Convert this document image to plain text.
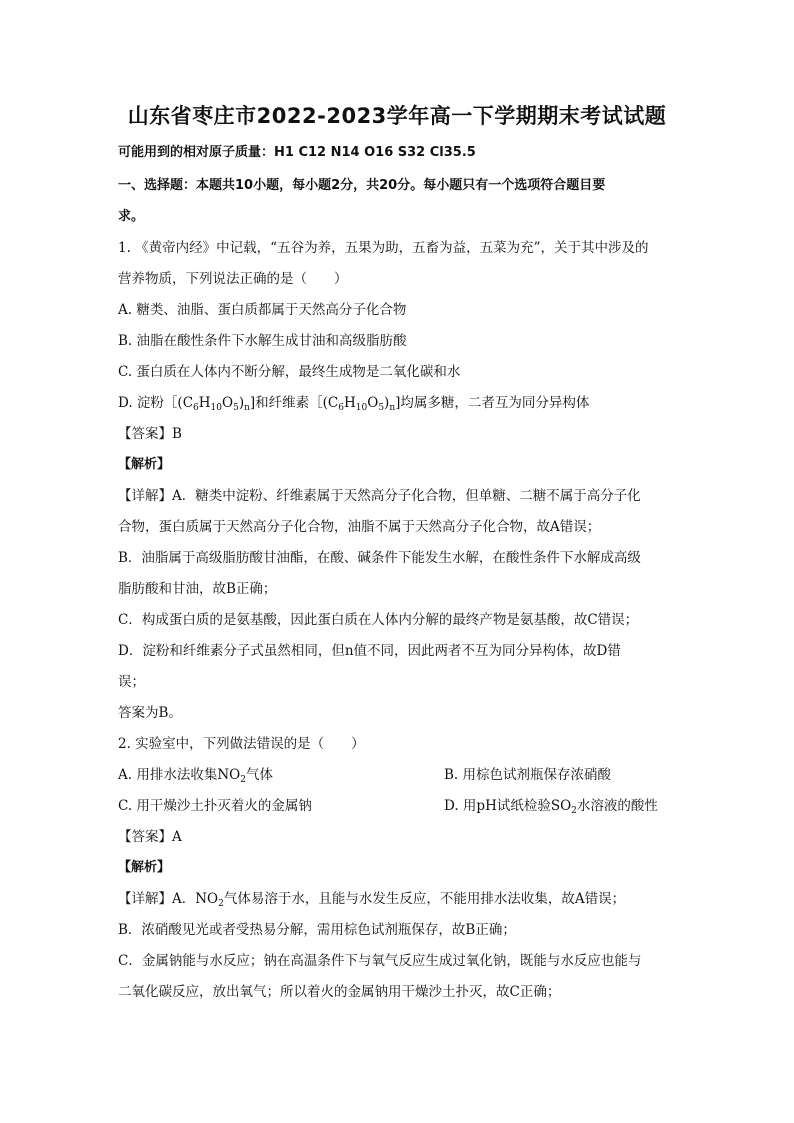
山东省枣庄市2022-2023学年高一下学期期末考试试题
可能用到的相对原子质量：H1 C12 N14 O16 S32 Cl35.5
一、选择题：本题共10小题，每小题2分，共20分。每小题只有一个选项符合题目要
求。
1. 《黄帝内经》中记载，“五谷为养，五果为助，五畜为益，五菜为充”，关于其中涉及的
营养物质，下列说法正确的是（　　）
A. 糖类、油脂、蛋白质都属于天然高分子化合物
B. 油脂在酸性条件下水解生成甘油和高级脂肪酸
C. 蛋白质在人体内不断分解，最终生成物是二氧化碳和水
D. 淀粉$[(C_6H_{10}O_5)_n$]和纤维素$[(C_6H_{10}O_5)_n$]均属多糖，二者互为同分异构体
【答案】B
【解析】
【详解】A．糖类中淀粉、纤维素属于天然高分子化合物，但单糖、二糖不属于高分子化
合物，蛋白质属于天然高分子化合物，油脂不属于天然高分子化合物，故A错误；
B．油脂属于高级脂肪酸甘油酯，在酸、碱条件下能发生水解，在酸性条件下水解成高级
脂肪酸和甘油，故B正确；
C．构成蛋白质的是氨基酸，因此蛋白质在人体内分解的最终产物是氨基酸，故C错误；
D．淀粉和纤维素分子式虽然相同，但n值不同，因此两者不互为同分异构体，故D错
误；
答案为B。
2. 实验室中，下列做法错误的是（　　）
A. 用排水法收集$NO_2$气体	B. 用棕色试剂瓶保存浓硝酸
C. 用干燥沙土扑灭着火的金属钠	D. 用pH试纸检验$SO_2$水溶液的酸性
【答案】A
【解析】
【详解】A．$NO_2$气体易溶于水，且能与水发生反应，不能用排水法收集，故A错误；
B．浓硝酸见光或者受热易分解，需用棕色试剂瓶保存，故B正确；
C．金属钠能与水反应；钠在高温条件下与氧气反应生成过氧化钠，既能与水反应也能与
二氧化碳反应，放出氧气；所以着火的金属钠用干燥沙土扑灭，故C正确；
